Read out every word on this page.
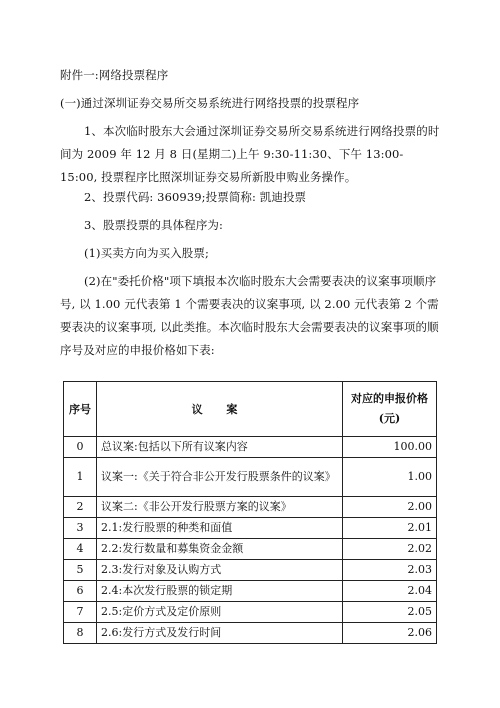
附件一:网络投票程序

(一)通过深圳证券交易所交易系统进行网络投票的投票程序

1、本次临时股东大会通过深圳证券交易所交易系统进行网络投票的时间为 2009 年 12 月 8 日(星期二)上午 9:30-11:30、下午 13:00-15:00, 投票程序比照深圳证券交易所新股申购业务操作。

2、投票代码: 360939;投票简称: 凯迪投票

3、股票投票的具体程序为:

(1)买卖方向为买入股票;

(2)在"委托价格"项下填报本次临时股东大会需要表决的议案事项顺序号, 以 1.00 元代表第 1 个需要表决的议案事项, 以 2.00 元代表第 2 个需要表决的议案事项, 以此类推。本次临时股东大会需要表决的议案事项的顺序号及对应的申报价格如下表:

序号	议 案	对应的申报价格(元)
0	总议案:包括以下所有议案内容	100.00
1	议案一:《关于符合非公开发行股票条件的议案》	1.00
2	议案二:《非公开发行股票方案的议案》	2.00
3	2.1:发行股票的种类和面值	2.01
4	2.2:发行数量和募集资金金额	2.02
5	2.3:发行对象及认购方式	2.03
6	2.4:本次发行股票的锁定期	2.04
7	2.5:定价方式及定价原则	2.05
8	2.6:发行方式及发行时间	2.06
